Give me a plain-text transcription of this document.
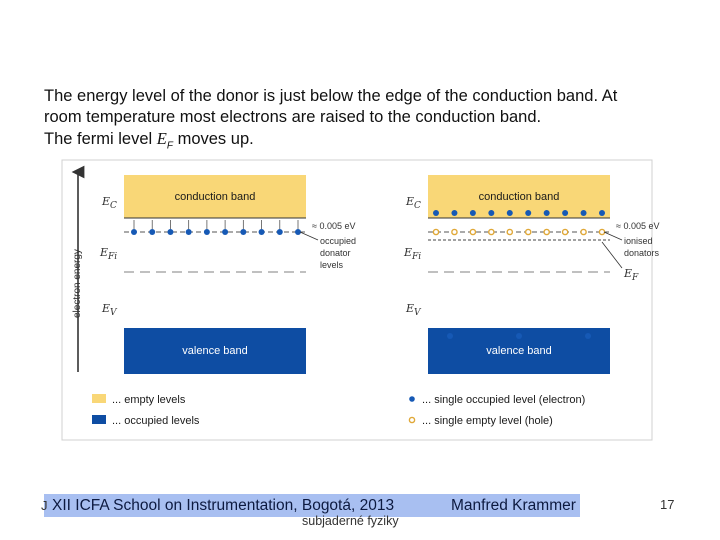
The energy level of the donor is just below the edge of the conduction band. At

room temperature most electrons are raised to the conduction band.

The fermi level $E_F$ moves up.

electron energy
conduction band
$E_C$
≈ 0.005 eV
occupied donator levels
$E_{Fi}$
$E_V$
valence band
conduction band
$E_C$
≈ 0.005 eV
ionised donators
$E_F$
$E_{Fi}$
$E_V$
valence band
... empty levels
... occupied levels
... single occupied level (electron)
... single empty level (hole)
J XII ICFA School on Instrumentation, Bogotá, 2013	Manfred Krammer
subjaderné fyziky
17
